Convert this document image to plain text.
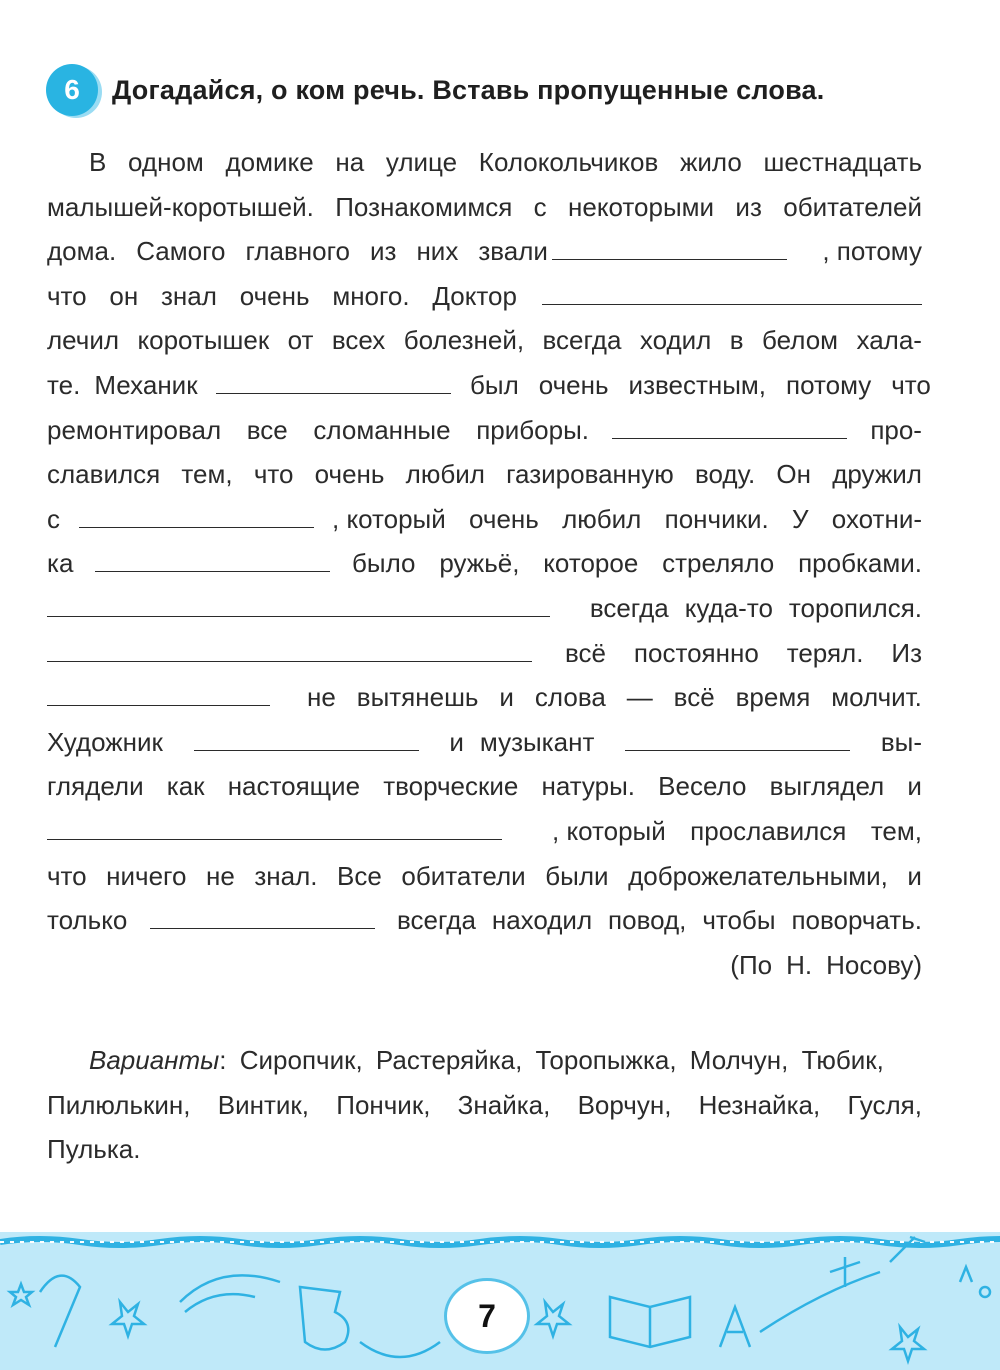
6	Догадайся, о ком речь. Вставь пропущенные слова.
В одном домике на улице Колокольчиков жило шестнадцать
малышей-коротышей. Познакомимся с некоторыми из обитателей
дома. Самого главного из них звали	, потому
что он знал очень много. Доктор
лечил коротышек от всех болезней, всегда ходил в белом хала-
те. Механик	был очень известным, потому что
ремонтировал все сломанные приборы.	про-
славился тем, что очень любил газированную воду. Он дружил
с	, который очень любил пончики. У охотни-
ка	было ружьё, которое стреляло пробками.
всегда куда-то торопился.
всё постоянно терял. Из
не вытянешь и слова — всё время молчит.
Художник	и музыкант	вы-
глядели как настоящие творческие натуры. Весело выглядел и
, который прославился тем,
что ничего не знал. Все обитатели были доброжелательными, и
только	всегда находил повод, чтобы поворчать.
(По Н. Носову)
Варианты : Сиропчик, Растеряйка, Торопыжка, Молчун, Тюбик,
Пилюлькин, Винтик, Пончик, Знайка, Ворчун, Незнайка, Гусля,
Пулька.
7
